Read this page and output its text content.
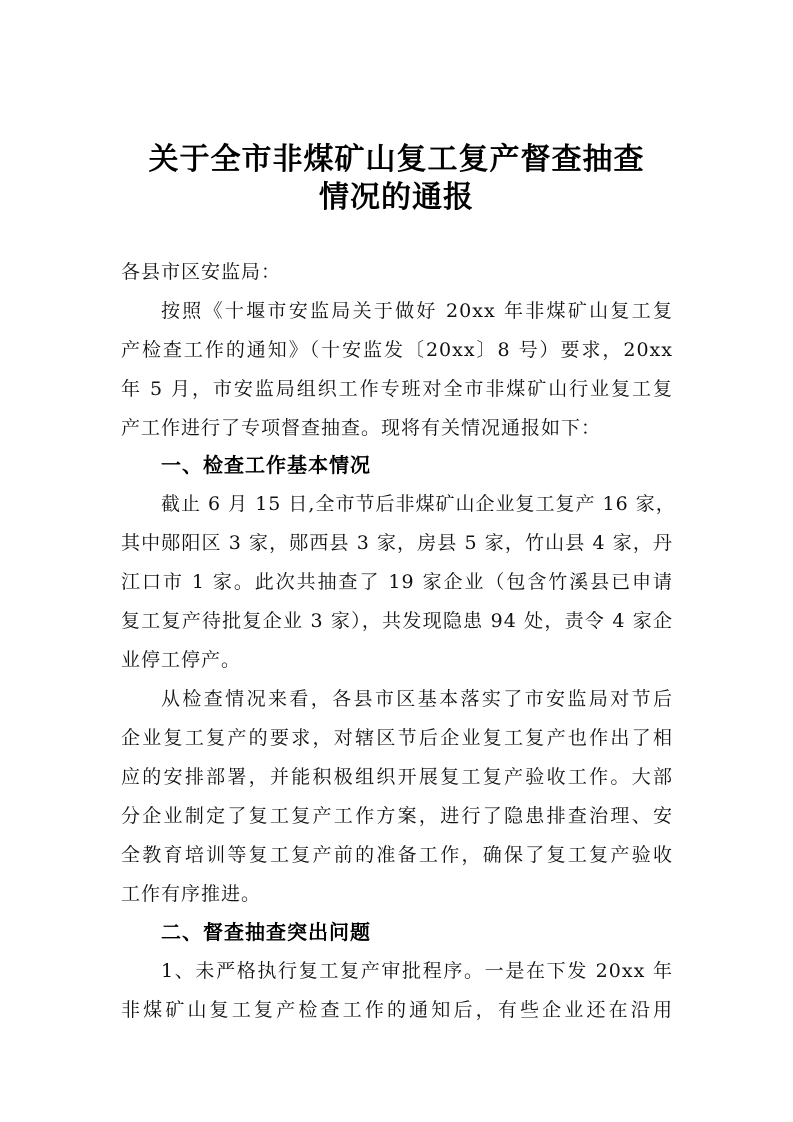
关于全市非煤矿山复工复产督查抽查
情况的通报
各县市区安监局：
按照《十堰市安监局关于做好 20xx 年非煤矿山复工复
产检查工作的通知》（十安监发〔20xx〕8 号）要求，20xx
年 5 月，市安监局组织工作专班对全市非煤矿山行业复工复
产工作进行了专项督查抽查。现将有关情况通报如下：
一、检查工作基本情况
截止 6 月 15 日,全市节后非煤矿山企业复工复产 16 家，
其中郧阳区 3 家，郧西县 3 家，房县 5 家，竹山县 4 家，丹
江口市 1 家。此次共抽查了 19 家企业（包含竹溪县已申请
复工复产待批复企业 3 家），共发现隐患 94 处，责令 4 家企
业停工停产。
从检查情况来看，各县市区基本落实了市安监局对节后
企业复工复产的要求，对辖区节后企业复工复产也作出了相
应的安排部署，并能积极组织开展复工复产验收工作。大部
分企业制定了复工复产工作方案，进行了隐患排查治理、安
全教育培训等复工复产前的准备工作，确保了复工复产验收
工作有序推进。
二、督查抽查突出问题
1、未严格执行复工复产审批程序。一是在下发 20xx 年
非煤矿山复工复产检查工作的通知后，有些企业还在沿用
